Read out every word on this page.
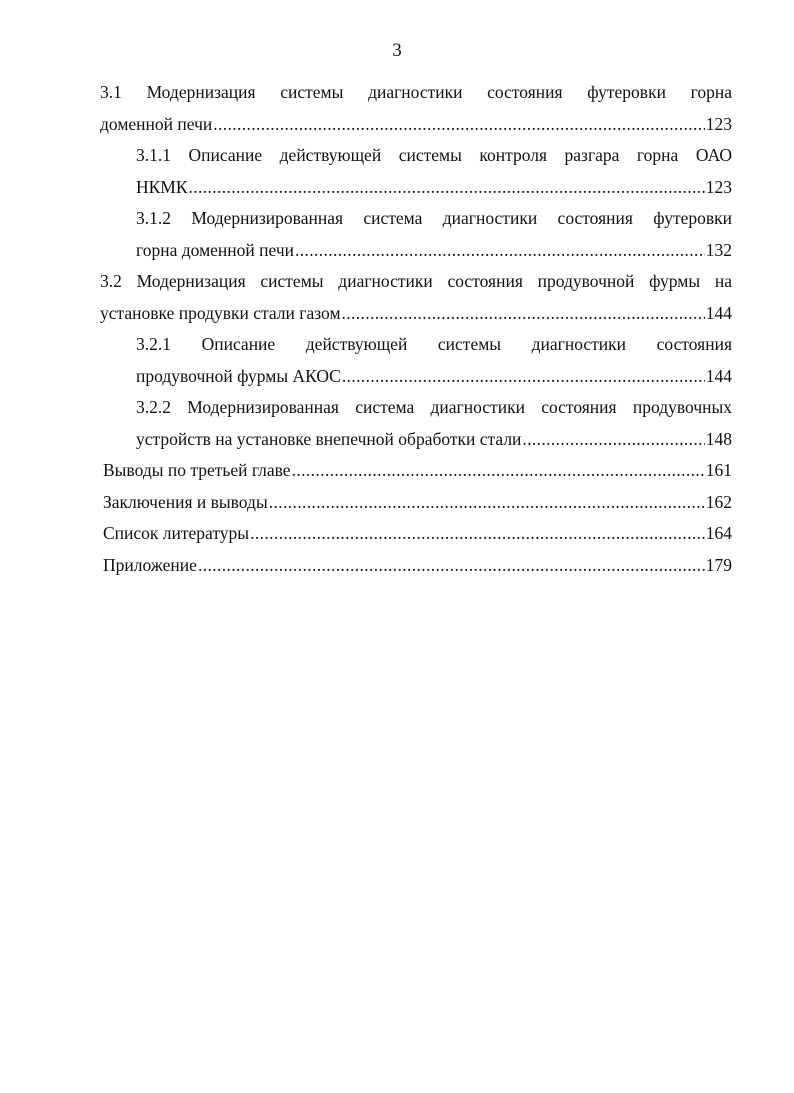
3
3.1 Модернизация системы диагностики состояния футеровки горна
доменной печи . . .	123
3.1.1 Описание действующей системы контроля разгара горна ОАО
НКМК . . .	123
3.1.2 Модернизированная система диагностики состояния футеровки
горна доменной печи . . .	132
3.2 Модернизация системы диагностики состояния продувочной фурмы на
установке продувки стали газом . . .	144
3.2.1 Описание действующей системы диагностики состояния
продувочной фурмы АКОС . . .	144
3.2.2 Модернизированная система диагностики состояния продувочных
устройств на установке внепечной обработки стали . . .	148
Выводы по третьей главе . . .	161
Заключения и выводы . . .	162
Список литературы . . .	164
Приложение . . .	179
